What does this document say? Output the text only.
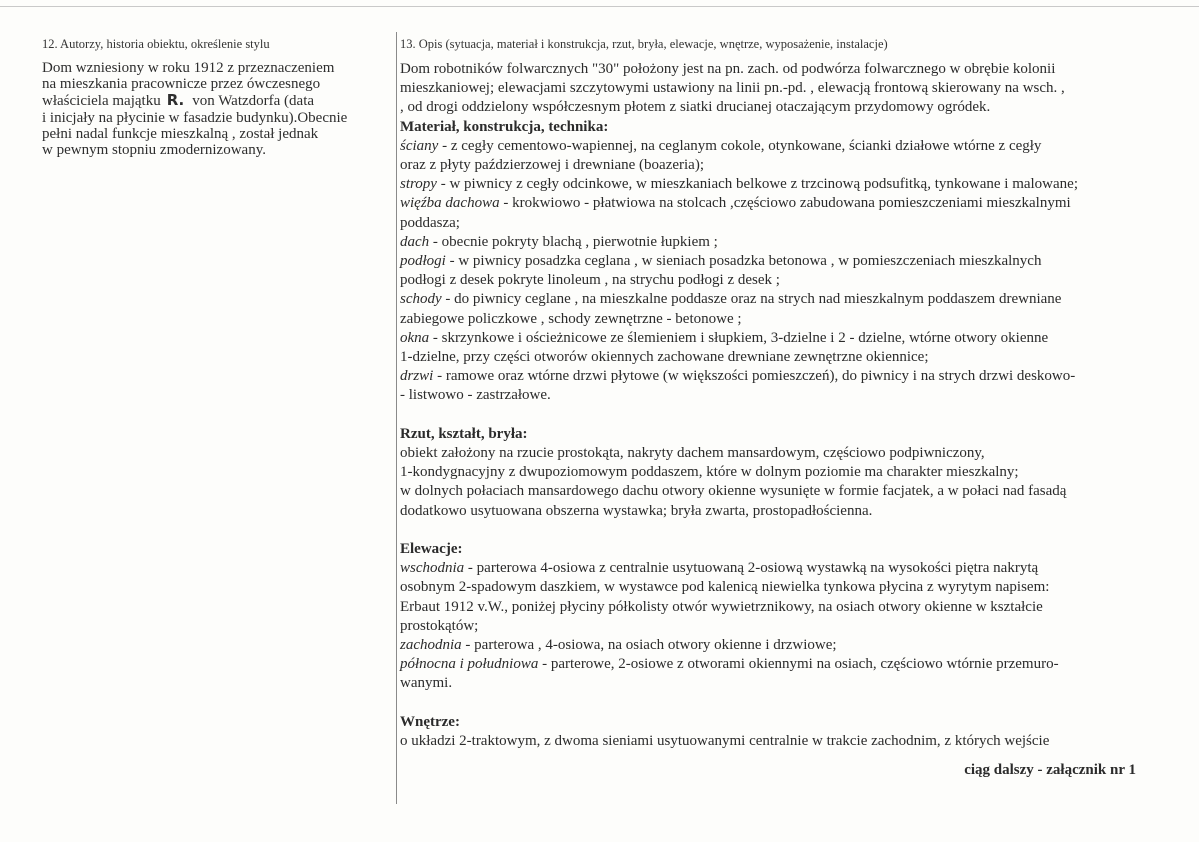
12. Autorzy, historia obiektu, określenie stylu
Dom wzniesiony w roku 1912 z przeznaczeniem
na mieszkania pracownicze przez ówczesnego
właściciela majątku R. von Watzdorfa (data
i inicjały na płycinie w fasadzie budynku).Obecnie
pełni nadal funkcje mieszkalną , został jednak
w pewnym stopniu zmodernizowany.
13. Opis (sytuacja, materiał i konstrukcja, rzut, bryła, elewacje, wnętrze, wyposażenie, instalacje)
Dom robotników folwarcznych "30" położony jest na pn. zach. od podwórza folwarcznego w obrębie kolonii
mieszkaniowej; elewacjami szczytowymi ustawiony na linii pn.-pd. , elewacją frontową skierowany na wsch. ,
, od drogi oddzielony współczesnym płotem z siatki drucianej otaczającym przydomowy ogródek.
Materiał, konstrukcja, technika:
ściany - z cegły cementowo-wapiennej, na ceglanym cokole, otynkowane, ścianki działowe wtórne z cegły
oraz z płyty paździerzowej i drewniane (boazeria);
stropy - w piwnicy z cegły odcinkowe, w mieszkaniach belkowe z trzcinową podsufitką, tynkowane i malowane;
więźba dachowa - krokwiowo - płatwiowa na stolcach ,częściowo zabudowana pomieszczeniami mieszkalnymi
poddasza;
dach - obecnie pokryty blachą , pierwotnie łupkiem ;
podłogi - w piwnicy posadzka ceglana , w sieniach posadzka betonowa , w pomieszczeniach mieszkalnych
podłogi z desek pokryte linoleum , na strychu podłogi z desek ;
schody - do piwnicy ceglane , na mieszkalne poddasze oraz na strych nad mieszkalnym poddaszem drewniane
zabiegowe policzkowe , schody zewnętrzne - betonowe ;
okna - skrzynkowe i ościeżnicowe ze ślemieniem i słupkiem, 3-dzielne i 2 - dzielne, wtórne otwory okienne
1-dzielne, przy części otworów okiennych zachowane drewniane zewnętrzne okiennice;
drzwi - ramowe oraz wtórne drzwi płytowe (w większości pomieszczeń), do piwnicy i na strych drzwi deskowo-
- listwowo - zastrzałowe.
Rzut, kształt, bryła:
obiekt założony na rzucie prostokąta, nakryty dachem mansardowym, częściowo podpiwniczony,
1-kondygnacyjny z dwupoziomowym poddaszem, które w dolnym poziomie ma charakter mieszkalny;
w dolnych połaciach mansardowego dachu otwory okienne wysunięte w formie facjatek, a w połaci nad fasadą
dodatkowo usytuowana obszerna wystawka; bryła zwarta, prostopadłościenna.
Elewacje:
wschodnia - parterowa 4-osiowa z centralnie usytuowaną 2-osiową wystawką na wysokości piętra nakrytą
osobnym 2-spadowym daszkiem, w wystawce pod kalenicą niewielka tynkowa płycina z wyrytym napisem:
Erbaut 1912 v.W., poniżej płyciny półkolisty otwór wywietrznikowy, na osiach otwory okienne w kształcie
prostokątów;
zachodnia - parterowa , 4-osiowa, na osiach otwory okienne i drzwiowe;
północna i południowa - parterowe, 2-osiowe z otworami okiennymi na osiach, częściowo wtórnie przemuro-
wanymi.
Wnętrze:
o układzi 2-traktowym, z dwoma sieniami usytuowanymi centralnie w trakcie zachodnim, z których wejście
ciąg dalszy - załącznik nr 1
